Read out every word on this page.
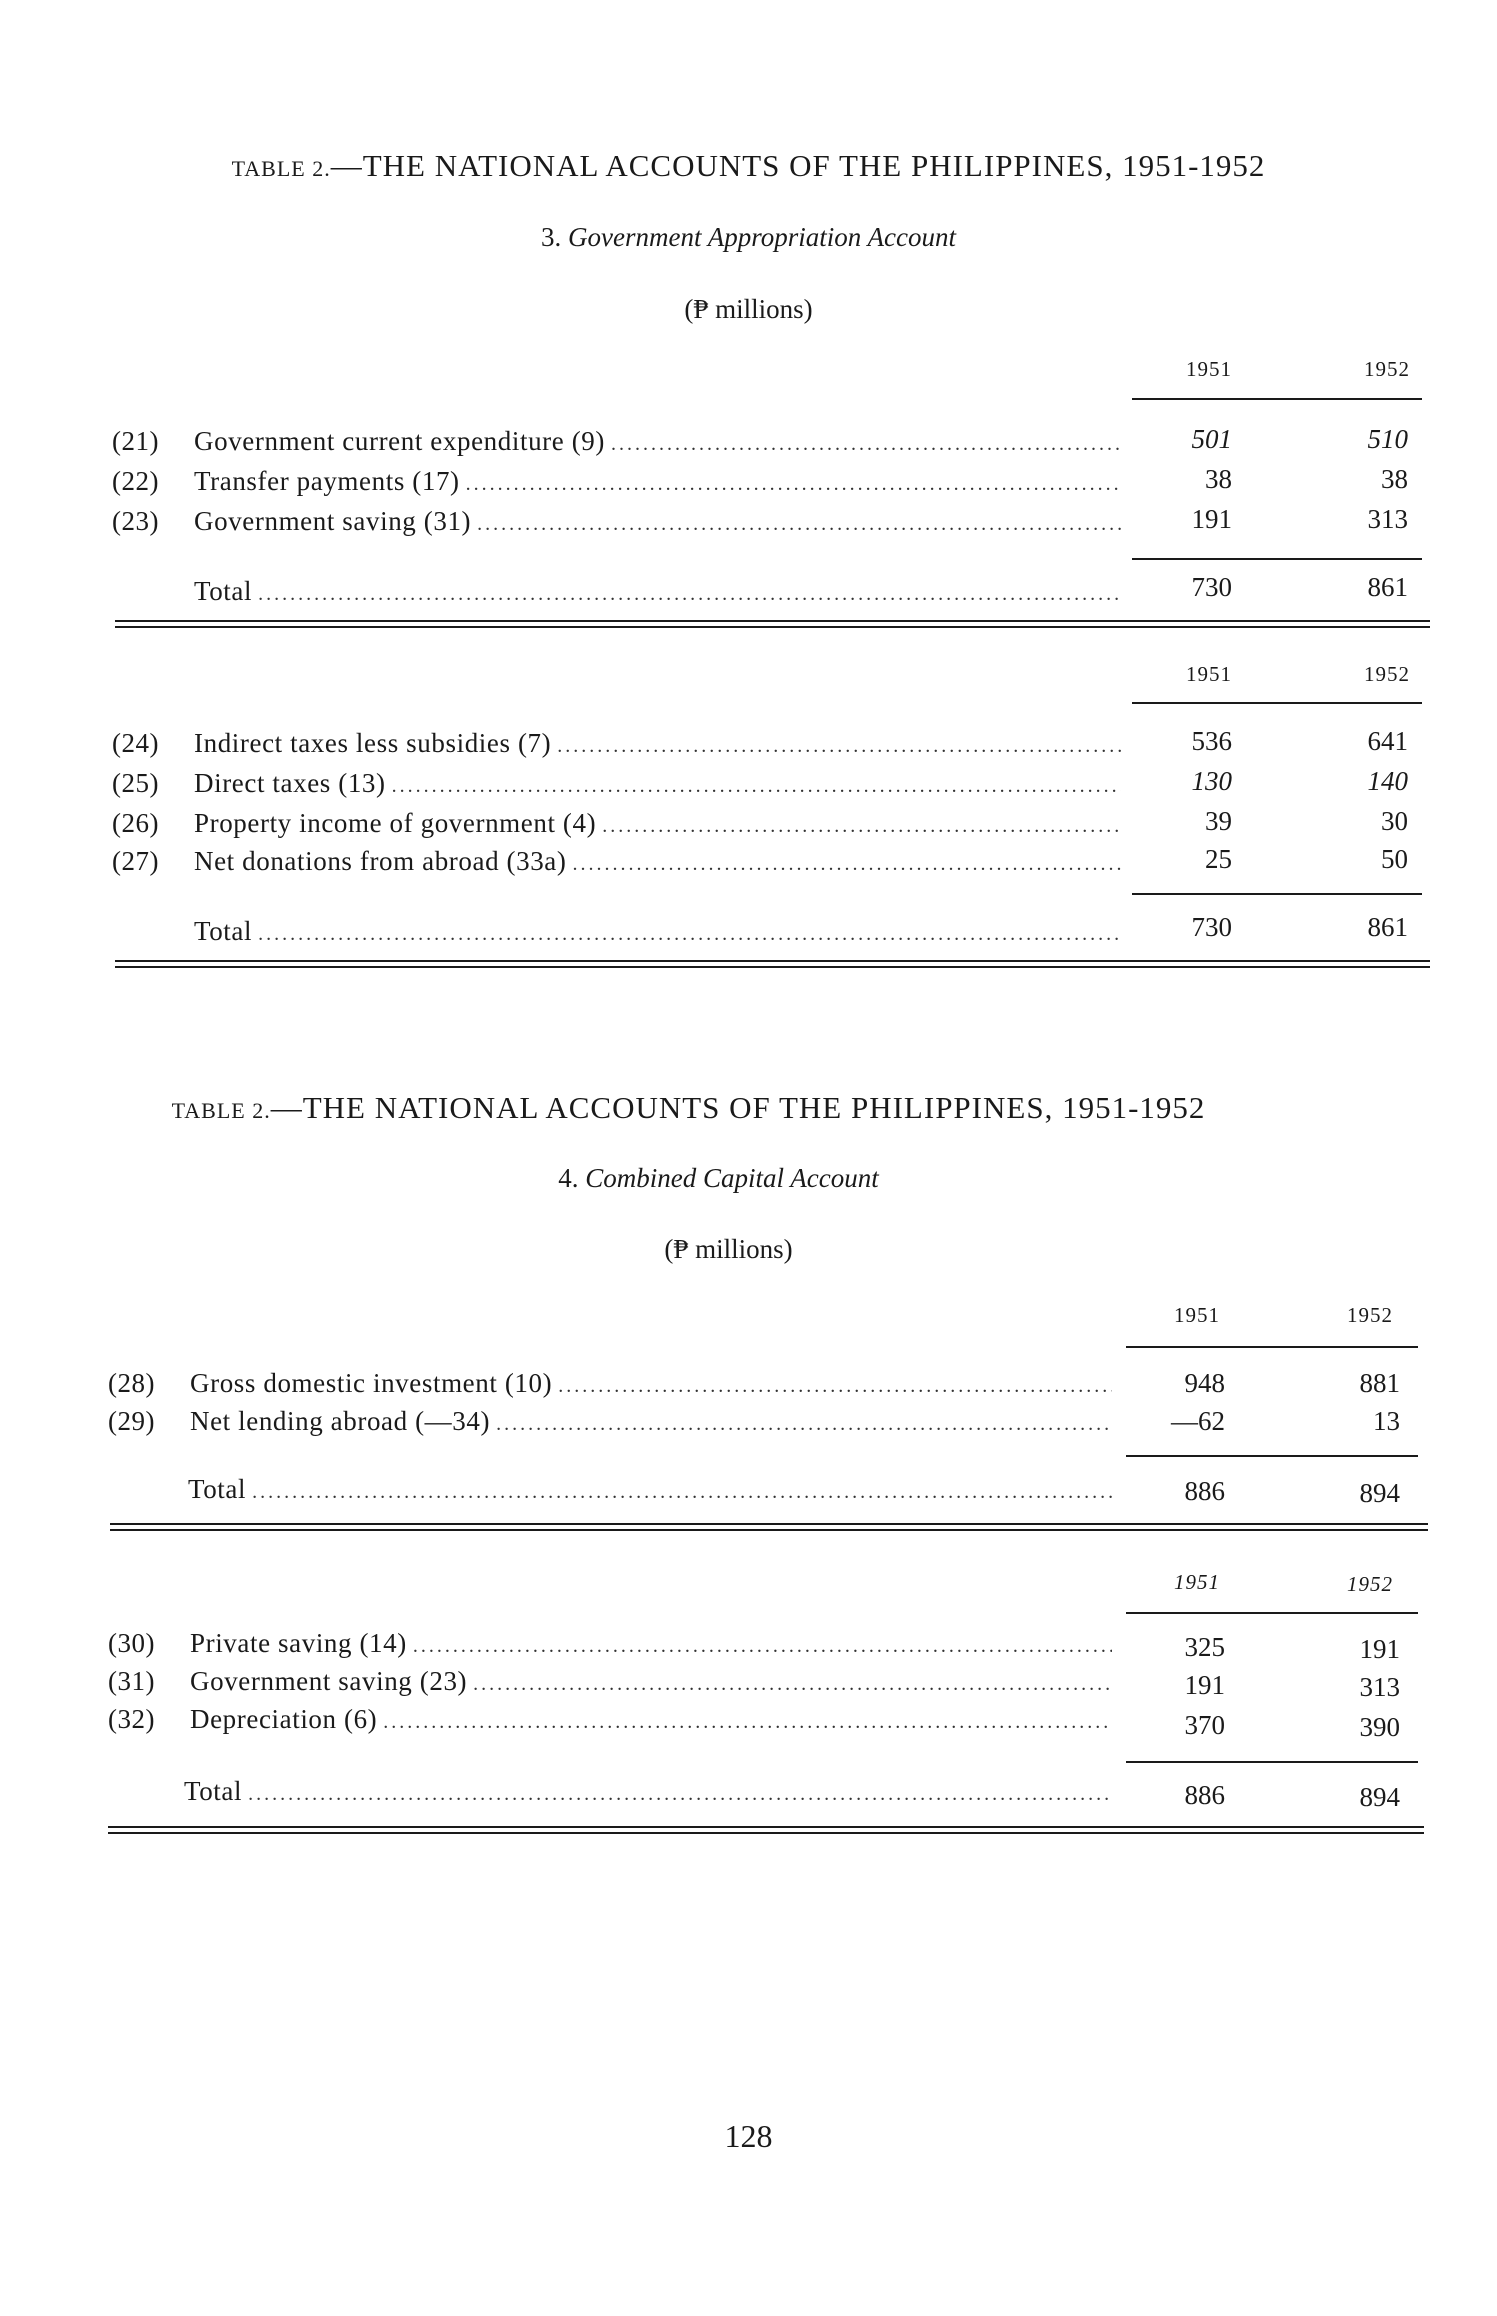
TABLE 2.—THE NATIONAL ACCOUNTS OF THE PHILIPPINES, 1951-1952
3. Government Appropriation Account
(₱ millions)
1951	1952
(21)	Government current expenditure (9) .....	501	510
(22)	Transfer payments (17) .....	38	38
(23)	Government saving (31) .....	191	313
Total .....	730	861
1951	1952
(24)	Indirect taxes less subsidies (7) .....	536	641
(25)	Direct taxes (13) .....	130	140
(26)	Property income of government (4) .....	39	30
(27)	Net donations from abroad (33a) .....	25	50
Total .....	730	861
TABLE 2.—THE NATIONAL ACCOUNTS OF THE PHILIPPINES, 1951-1952
4. Combined Capital Account
(₱ millions)
1951	1952
(28)	Gross domestic investment (10) .....	948	881
(29)	Net lending abroad (—34) .....	—62	13
Total .....	886	894
1951	1952
(30)	Private saving (14) .....	325	191
(31)	Government saving (23) .....	191	313
(32)	Depreciation (6) .....	370	390
Total .....	886	894
128
